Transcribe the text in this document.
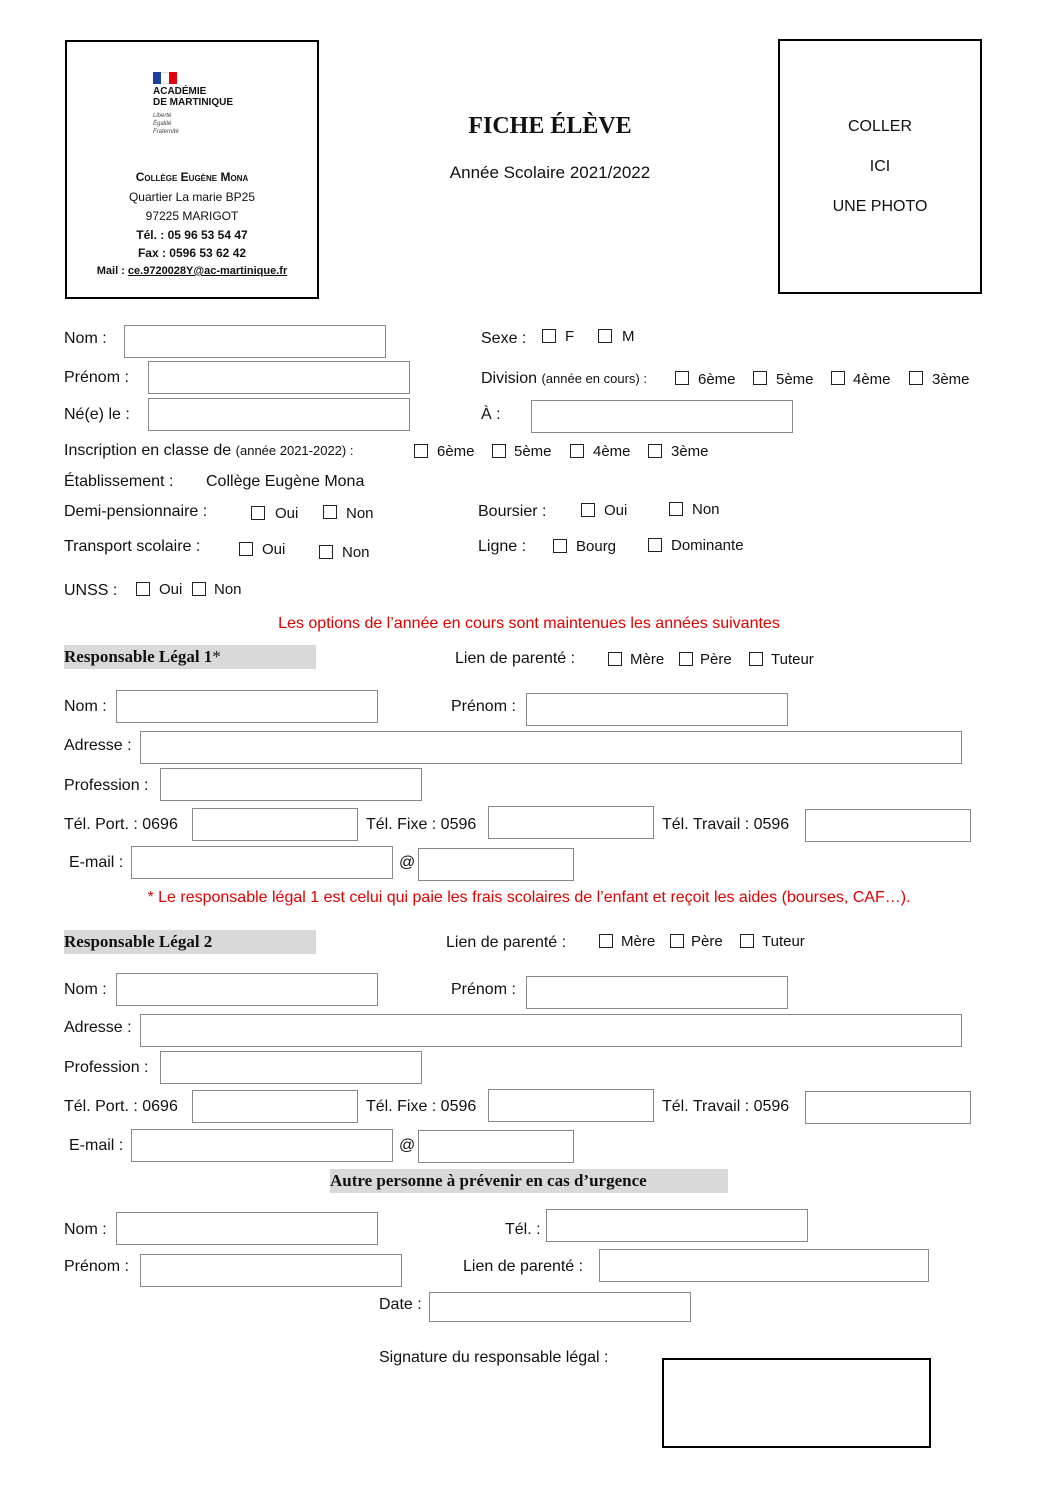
ACADÉMIE
DE MARTINIQUE
Liberté Égalité Fraternité
Collège Eugène Mona
Quartier La marie BP25
97225 MARIGOT
Tél. : 05 96 53 54 47
Fax : 0596 53 62 42
Mail : ce.9720028Y@ac-martinique.fr
FICHE ÉLÈVE
Année Scolaire 2021/2022
COLLER
ICI
UNE PHOTO
Nom :	Sexe :	F	M
Prénom :	Division (année en cours) :	6ème	5ème	4ème	3ème
Né(e) le :	À :
Inscription en classe de (année 2021-2022) :	6ème	5ème	4ème	3ème
Établissement : Collège Eugène Mona
Demi-pensionnaire :	Oui	Non	Boursier :	Oui	Non
Transport scolaire :	Oui	Non	Ligne :	Bourg	Dominante
UNSS :	Oui Non
Les options de l’année en cours sont maintenues les années suivantes
Responsable Légal 1*	Lien de parenté :	Mère Père	Tuteur
Nom :	Prénom :
Adresse :
Profession :
Tél. Port. : 0696	Tél. Fixe : 0596	Tél. Travail : 0596
E-mail :	@
* Le responsable légal 1 est celui qui paie les frais scolaires de l’enfant et reçoit les aides (bourses, CAF…).
Responsable Légal 2	Lien de parenté :	Mère Père	Tuteur
Nom :	Prénom :
Adresse :
Profession :
Tél. Port. : 0696	Tél. Fixe : 0596	Tél. Travail : 0596
E-mail :	@
Autre personne à prévenir en cas d’urgence
Nom :	Tél. :
Prénom :	Lien de parenté :
Date :
Signature du responsable légal :
